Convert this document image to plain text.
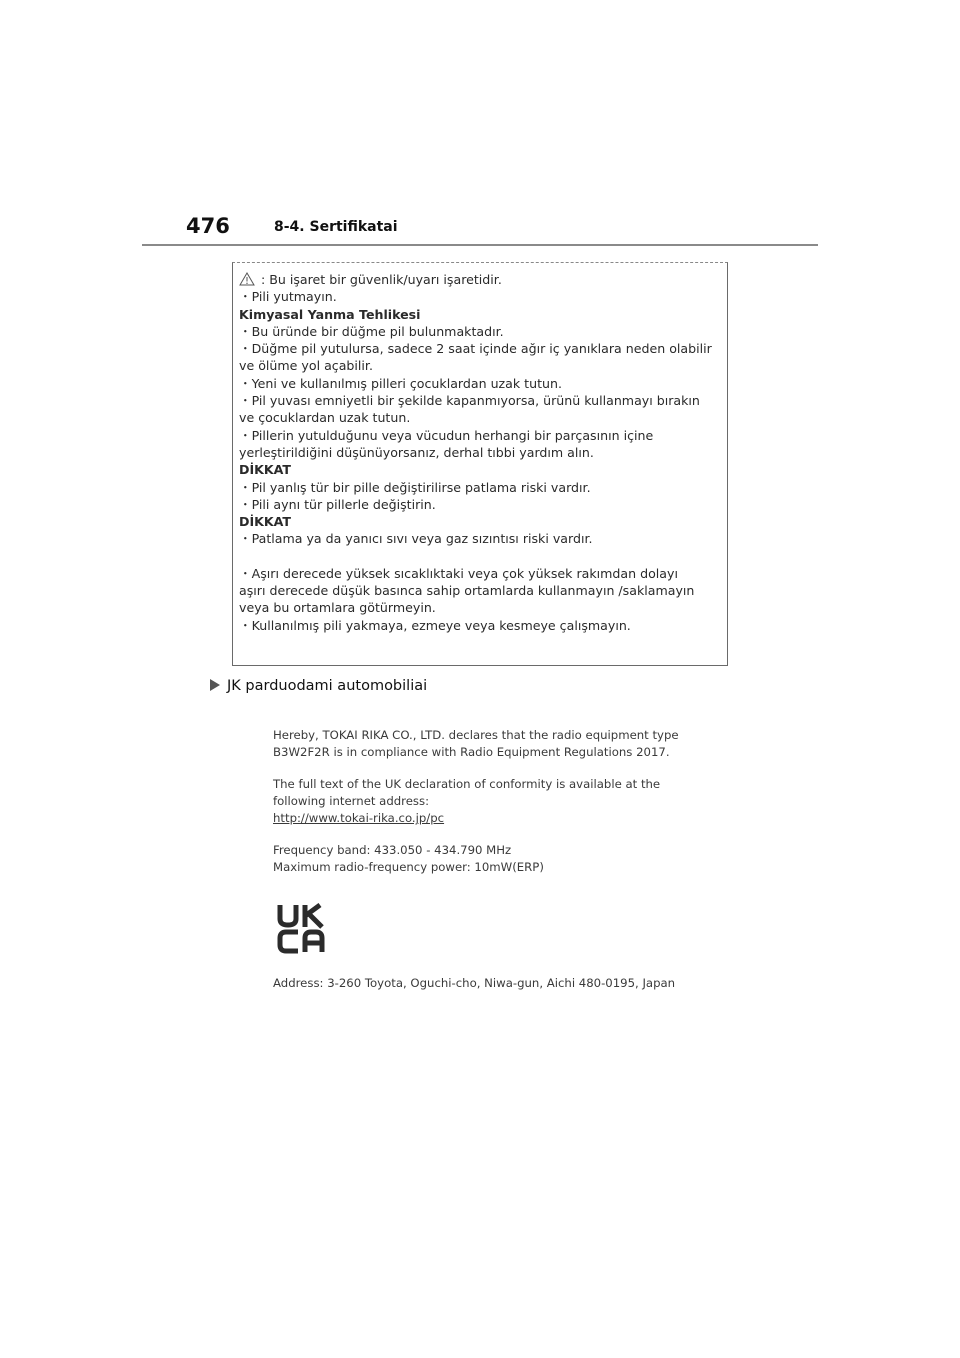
476	8-4. Sertifikatai
: Bu işaret bir güvenlik/uyarı işaretidir.
・Pili yutmayın.
Kimyasal Yanma Tehlikesi
・Bu üründe bir düğme pil bulunmaktadır.
・Düğme pil yutulursa, sadece 2 saat içinde ağır iç yanıklara neden olabilir
ve ölüme yol açabilir.
・Yeni ve kullanılmış pilleri çocuklardan uzak tutun.
・Pil yuvası emniyetli bir şekilde kapanmıyorsa, ürünü kullanmayı bırakın
ve çocuklardan uzak tutun.
・Pillerin yutulduğunu veya vücudun herhangi bir parçasının içine
yerleştirildiğini düşünüyorsanız, derhal tıbbi yardım alın.
DİKKAT
・Pil yanlış tür bir pille değiştirilirse patlama riski vardır.
・Pili aynı tür pillerle değiştirin.
DİKKAT
・Patlama ya da yanıcı sıvı veya gaz sızıntısı riski vardır.
・Aşırı derecede yüksek sıcaklıktaki veya çok yüksek rakımdan dolayı
aşırı derecede düşük basınca sahip ortamlarda kullanmayın /saklamayın
veya bu ortamlara götürmeyin.
・Kullanılmış pili yakmaya, ezmeye veya kesmeye çalışmayın.
JK parduodami automobiliai
Hereby, TOKAI RIKA CO., LTD. declares that the radio equipment type
B3W2F2R is in compliance with Radio Equipment Regulations 2017.
The full text of the UK declaration of conformity is available at the
following internet address:
http://www.tokai-rika.co.jp/pc
Frequency band: 433.050 - 434.790 MHz
Maximum radio-frequency power: 10mW(ERP)
Address: 3-260 Toyota, Oguchi-cho, Niwa-gun, Aichi 480-0195, Japan
